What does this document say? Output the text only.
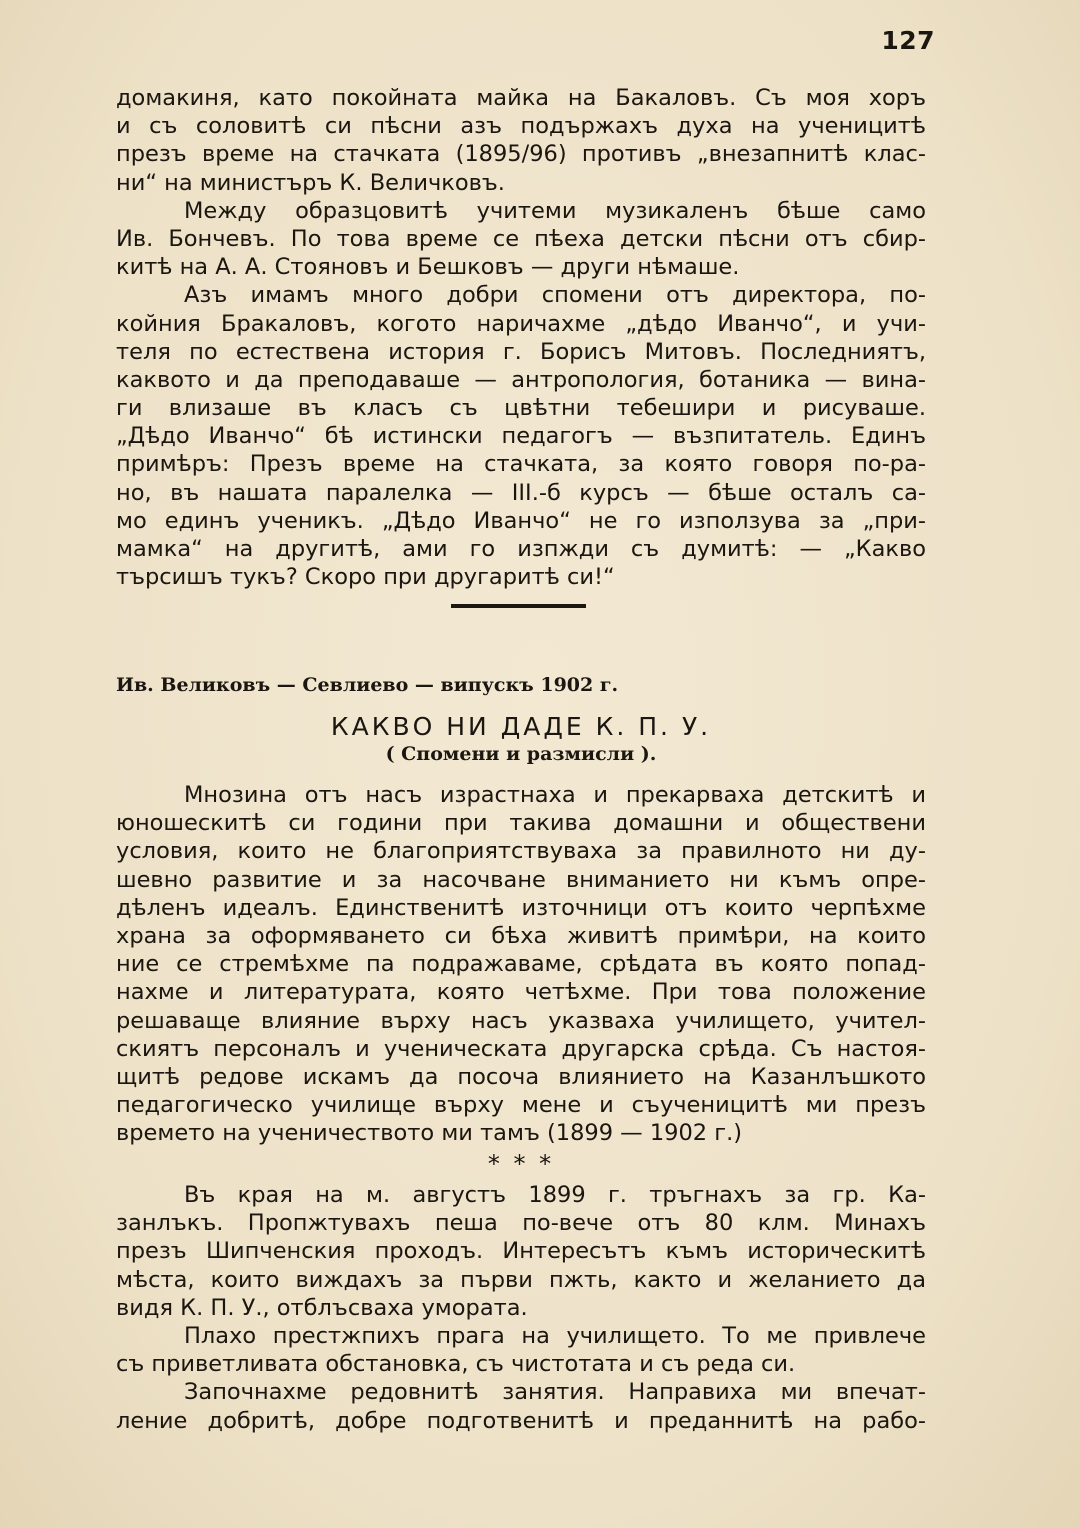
127
домакиня, като покойната майка на Бакаловъ. Съ моя хоръ
и съ соловитѣ си пѣсни азъ подържахъ духа на ученицитѣ
презъ време на стачката (1895/96) противъ „внезапнитѣ клас-
ни“ на министъръ К. Величковъ.
Между образцовитѣ учитеми музикаленъ бѣше само
Ив. Бончевъ. По това време се пѣеха детски пѣсни отъ сбир-
китѣ на А. А. Стояновъ и Бешковъ — други нѣмаше.
Азъ имамъ много добри спомени отъ директора, по-
койния Бракаловъ, когото наричахме „дѣдо Иванчо“, и учи-
теля по естествена история г. Борисъ Митовъ. Последниятъ,
каквото и да преподаваше — антропология, ботаника — вина-
ги влизаше въ класъ съ цвѣтни тебешири и рисуваше.
„Дѣдо Иванчо“ бѣ истински педагогъ — възпитатель. Единъ
примѣръ: Презъ време на стачката, за която говоря по-ра-
но, въ нашата паралелка — III.-б курсъ — бѣше оcталъ са-
мо единъ ученикъ. „Дѣдо Иванчо“ не го използува за „при-
мамка“ на другитѣ, ами го изпжди съ думитѣ: — „Какво
търсишъ тукъ? Скоро при другаритѣ си!“
Ив. Великовъ — Севлиево — випускъ 1902 г.
КАКВО НИ ДАДЕ К. П. У.
( Спомени и размисли ).
Мнозина отъ насъ израстнаха и прекарваха детскитѣ и
юношескитѣ си години при такива домашни и обществени
условия, които не благоприятствуваха за правилното ни ду-
шевно развитие и за насочване вниманието ни къмъ опре-
дѣленъ идеалъ. Единственитѣ източници отъ които черпѣхме
храна за оформяването си бѣха живитѣ примѣри, на които
ние се стремѣхме па подражаваме, срѣдата въ която попад-
нахме и литературата, която четѣхме. При това положение
решаваще влияние върху насъ указваха училището, учител-
скиятъ персоналъ и ученическата другарска срѣда. Съ настоя-
щитѣ редове искамъ да посоча влиянието на Казанлъшкото
педагогическо училище върху мене и съученицитѣ ми презъ
времето на ученичеството ми тамъ (1899 — 1902 г.)
* * *
Въ края на м. августъ 1899 г. тръгнахъ за гр. Ка-
занлъкъ. Пропжтувахъ пеша по-вече отъ 80 клм. Минахъ
презъ Шипченския проходъ. Интересътъ къмъ историческитѣ
мѣста, които виждахъ за първи пжть, както и желанието да
видя К. П. У., отблъсваха умората.
Плахо престжпихъ прага на училището. То ме привлече
съ приветливата обстановка, съ чистотата и съ реда си.
Започнахме редовнитѣ занятия. Направиха ми впечат-
ление добритѣ, добре подготвенитѣ и преданнитѣ на рабо-
